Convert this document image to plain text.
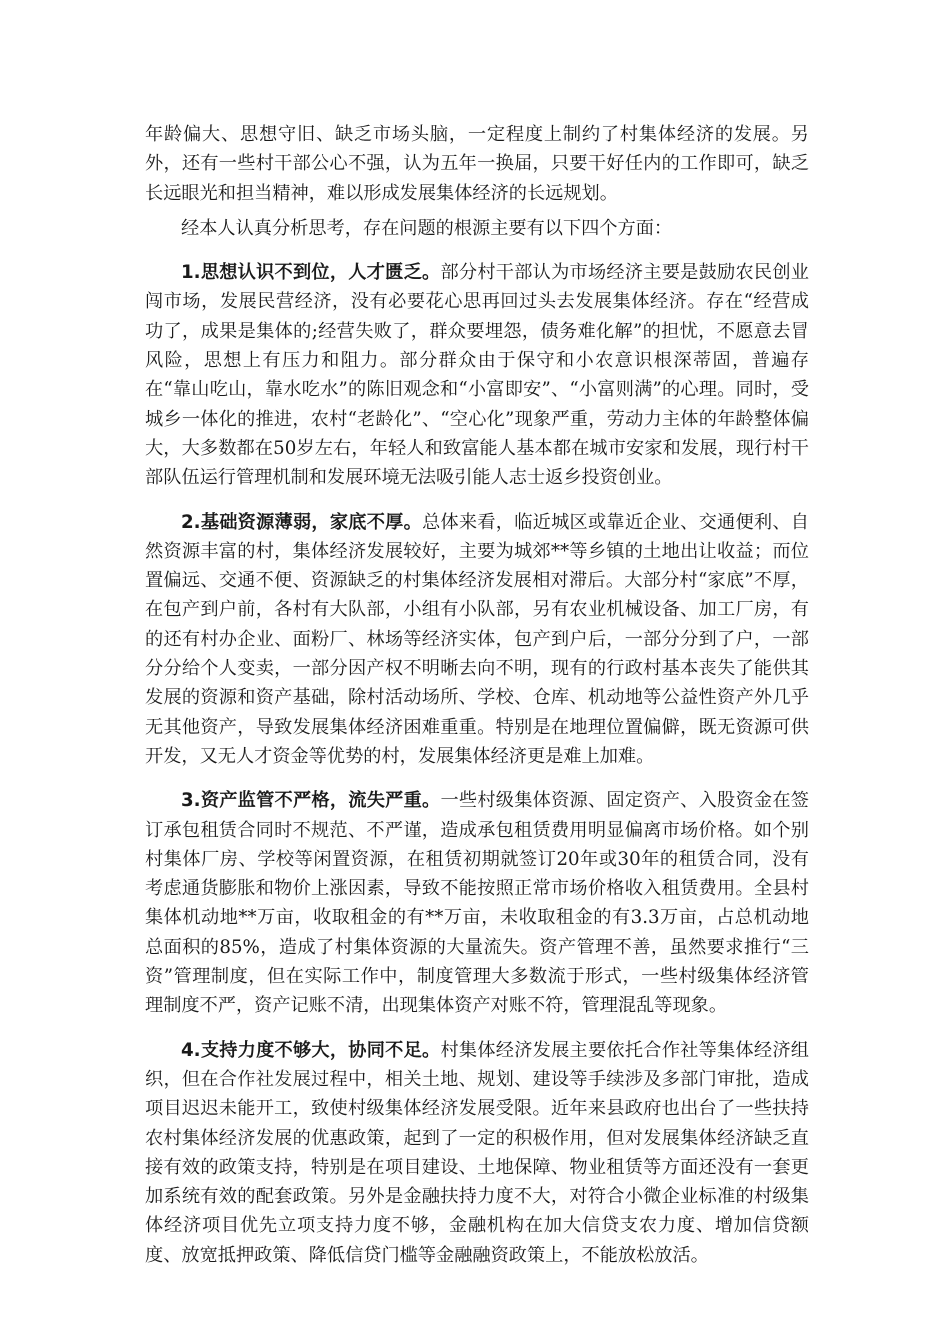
年龄偏大、思想守旧、缺乏市场头脑，一定程度上制约了村集体经济的发展。另外，还有一些村干部公心不强，认为五年一换届，只要干好任内的工作即可，缺乏长远眼光和担当精神，难以形成发展集体经济的长远规划。

经本人认真分析思考，存在问题的根源主要有以下四个方面：

1.思想认识不到位，人才匮乏。部分村干部认为市场经济主要是鼓励农民创业闯市场，发展民营经济，没有必要花心思再回过头去发展集体经济。存在“经营成功了，成果是集体的;经营失败了，群众要埋怨，债务难化解”的担忧，不愿意去冒风险，思想上有压力和阻力。部分群众由于保守和小农意识根深蒂固，普遍存在“靠山吃山，靠水吃水”的陈旧观念和“小富即安”、“小富则满”的心理。同时，受城乡一体化的推进，农村“老龄化”、“空心化”现象严重，劳动力主体的年龄整体偏大，大多数都在50岁左右，年轻人和致富能人基本都在城市安家和发展，现行村干部队伍运行管理机制和发展环境无法吸引能人志士返乡投资创业。

2.基础资源薄弱，家底不厚。总体来看，临近城区或靠近企业、交通便利、自然资源丰富的村，集体经济发展较好，主要为城郊**等乡镇的土地出让收益；而位置偏远、交通不便、资源缺乏的村集体经济发展相对滞后。大部分村“家底”不厚，在包产到户前，各村有大队部，小组有小队部，另有农业机械设备、加工厂房，有的还有村办企业、面粉厂、林场等经济实体，包产到户后，一部分分到了户，一部分分给个人变卖，一部分因产权不明晰去向不明，现有的行政村基本丧失了能供其发展的资源和资产基础，除村活动场所、学校、仓库、机动地等公益性资产外几乎无其他资产，导致发展集体经济困难重重。特别是在地理位置偏僻，既无资源可供开发，又无人才资金等优势的村，发展集体经济更是难上加难。

3.资产监管不严格，流失严重。一些村级集体资源、固定资产、入股资金在签订承包租赁合同时不规范、不严谨，造成承包租赁费用明显偏离市场价格。如个别村集体厂房、学校等闲置资源，在租赁初期就签订20年或30年的租赁合同，没有考虑通货膨胀和物价上涨因素，导致不能按照正常市场价格收入租赁费用。全县村集体机动地**万亩，收取租金的有**万亩，未收取租金的有3.3万亩，占总机动地总面积的85%，造成了村集体资源的大量流失。资产管理不善，虽然要求推行“三资”管理制度，但在实际工作中，制度管理大多数流于形式，一些村级集体经济管理制度不严，资产记账不清，出现集体资产对账不符，管理混乱等现象。

4.支持力度不够大，协同不足。村集体经济发展主要依托合作社等集体经济组织，但在合作社发展过程中，相关土地、规划、建设等手续涉及多部门审批，造成项目迟迟未能开工，致使村级集体经济发展受限。近年来县政府也出台了一些扶持农村集体经济发展的优惠政策，起到了一定的积极作用，但对发展集体经济缺乏直接有效的政策支持，特别是在项目建设、土地保障、物业租赁等方面还没有一套更加系统有效的配套政策。另外是金融扶持力度不大，对符合小微企业标准的村级集体经济项目优先立项支持力度不够，金融机构在加大信贷支农力度、增加信贷额度、放宽抵押政策、降低信贷门槛等金融融资政策上，不能放松放活。
